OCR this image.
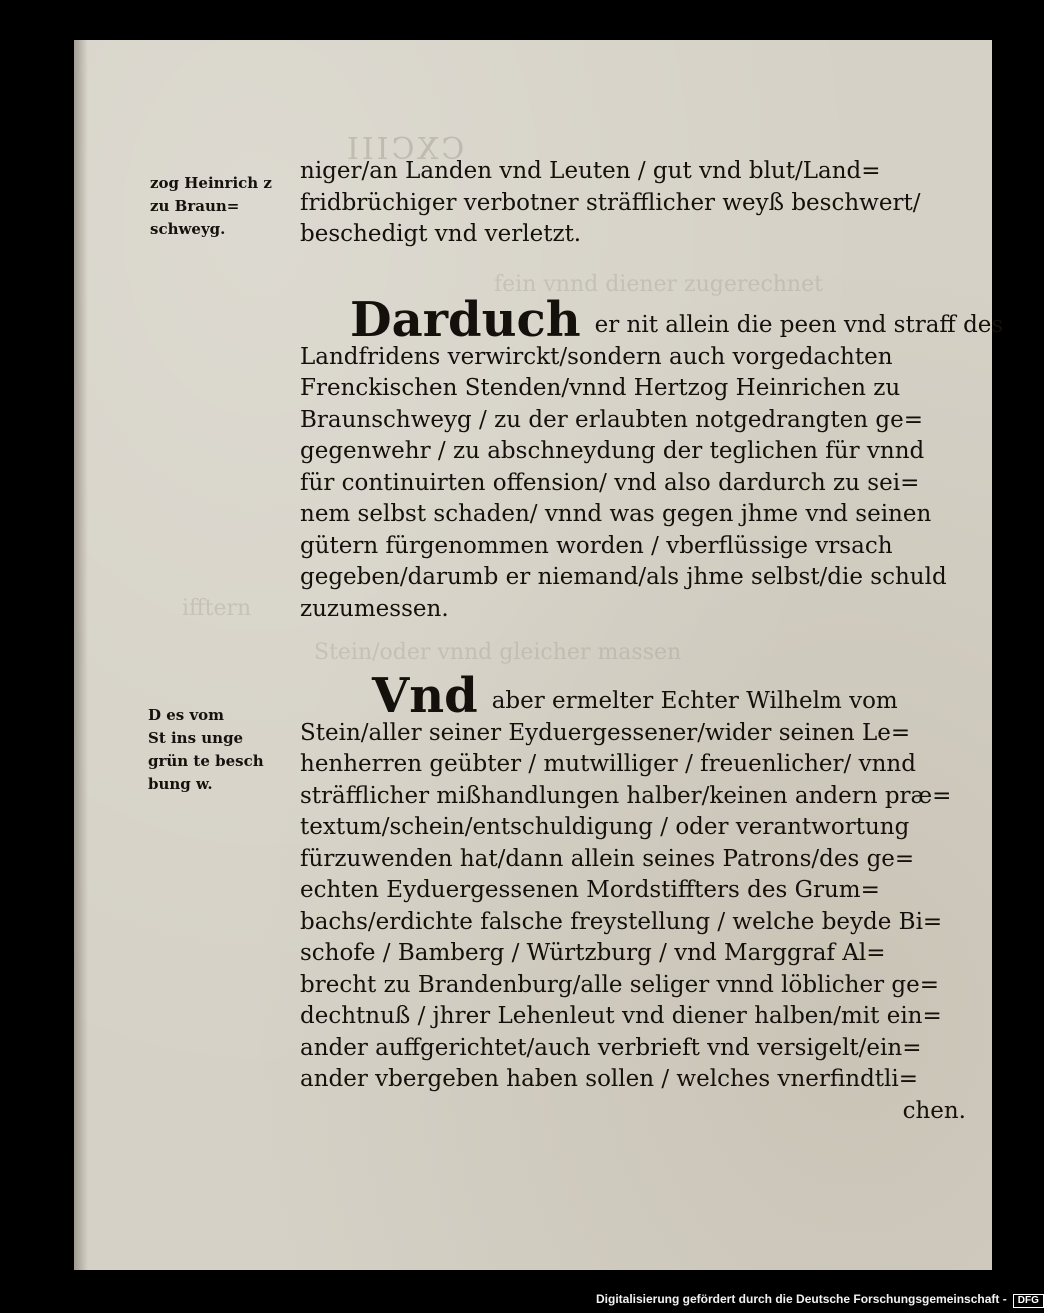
CXCIII
fein vnnd diener zugerechnet
ifftern
Stein/oder vnnd gleicher massen
zog Heinrich z
zu Braun=
schweyg.
D es vom
St ins unge
grün te besch
bung w.
niger/an Landen vnd Leuten / gut vnd blut/Land=
fridbrüchiger verbotner sträfflicher weyß beschwert/
beschedigt vnd verletzt.
Darduch er nit allein die peen vnd straff des
Landfridens verwirckt/sondern auch vorgedachten
Frenckischen Stenden/vnnd Hertzog Heinrichen zu
Braunschweyg / zu der erlaubten notgedrangten ge=
gegenwehr / zu abschneydung der teglichen für vnnd
für continuirten offension/ vnd also dardurch zu sei=
nem selbst schaden/ vnnd was gegen jhme vnd seinen
gütern fürgenommen worden / vberflüssige vrsach
gegeben/darumb er niemand/als jhme selbst/die schuld
zuzumessen.
Vnd aber ermelter Echter Wilhelm vom
Stein/aller seiner Eyduergessener/wider seinen Le=
henherren geübter / mutwilliger / freuenlicher/ vnnd
sträfflicher mißhandlungen halber/keinen andern præ=
textum/schein/entschuldigung / oder verantwortung
fürzuwenden hat/dann allein seines Patrons/des ge=
echten Eyduergessenen Mordstiffters des Grum=
bachs/erdichte falsche freystellung / welche beyde Bi=
schofe / Bamberg / Würtzburg / vnd Marggraf Al=
brecht zu Brandenburg/alle seliger vnnd löblicher ge=
dechtnuß / jhrer Lehenleut vnd diener halben/mit ein=
ander auffgerichtet/auch verbrieft vnd versigelt/ein=
ander vbergeben haben sollen / welches vnerfindtli=
chen.
Digitalisierung gefördert durch die Deutsche Forschungsgemeinschaft - DFG
